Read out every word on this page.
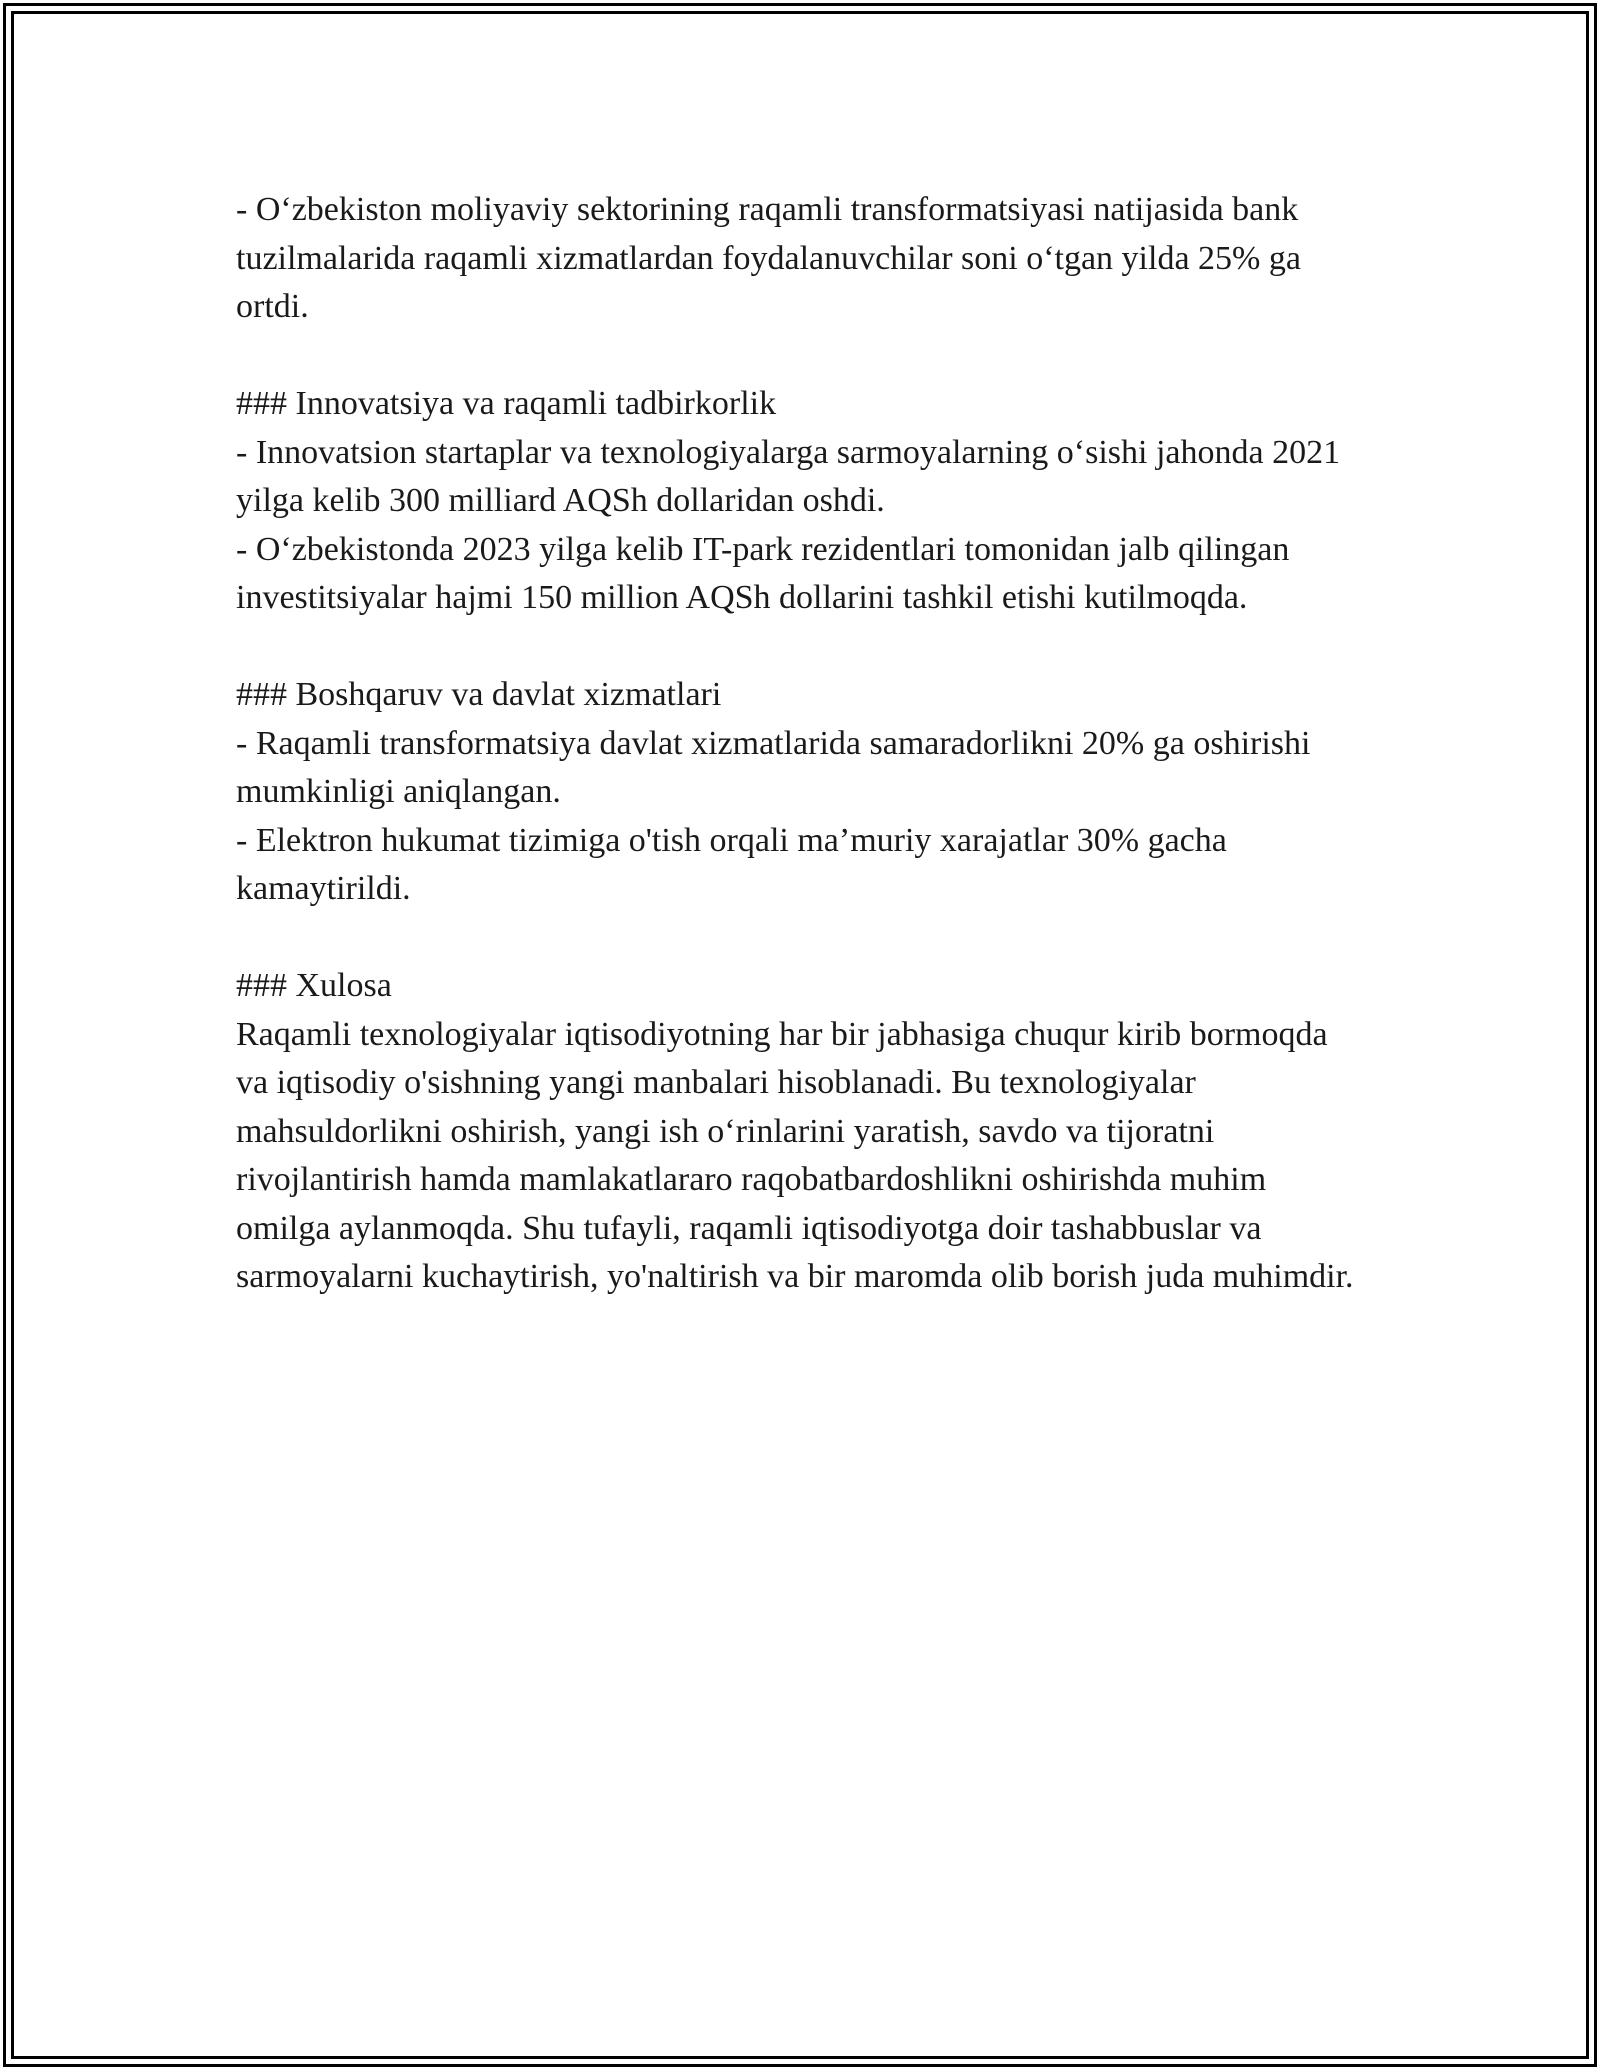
- O‘zbekiston moliyaviy sektorining raqamli transformatsiyasi natijasida bank tuzilmalarida raqamli xizmatlardan foydalanuvchilar soni o‘tgan yilda 25% ga ortdi.

### Innovatsiya va raqamli tadbirkorlik

- Innovatsion startaplar va texnologiyalarga sarmoyalarning o‘sishi jahonda 2021 yilga kelib 300 milliard AQSh dollaridan oshdi.

- O‘zbekistonda 2023 yilga kelib IT-park rezidentlari tomonidan jalb qilingan investitsiyalar hajmi 150 million AQSh dollarini tashkil etishi kutilmoqda.

### Boshqaruv va davlat xizmatlari

- Raqamli transformatsiya davlat xizmatlarida samaradorlikni 20% ga oshirishi mumkinligi aniqlangan.

- Elektron hukumat tizimiga o'tish orqali ma’muriy xarajatlar 30% gacha kamaytirildi.

### Xulosa

Raqamli texnologiyalar iqtisodiyotning har bir jabhasiga chuqur kirib bormoqda va iqtisodiy o'sishning yangi manbalari hisoblanadi. Bu texnologiyalar mahsuldorlikni oshirish, yangi ish o‘rinlarini yaratish, savdo va tijoratni rivojlantirish hamda mamlakatlararo raqobatbardoshlikni oshirishda muhim omilga aylanmoqda. Shu tufayli, raqamli iqtisodiyotga doir tashabbuslar va sarmoyalarni kuchaytirish, yo'naltirish va bir maromda olib borish juda muhimdir.
